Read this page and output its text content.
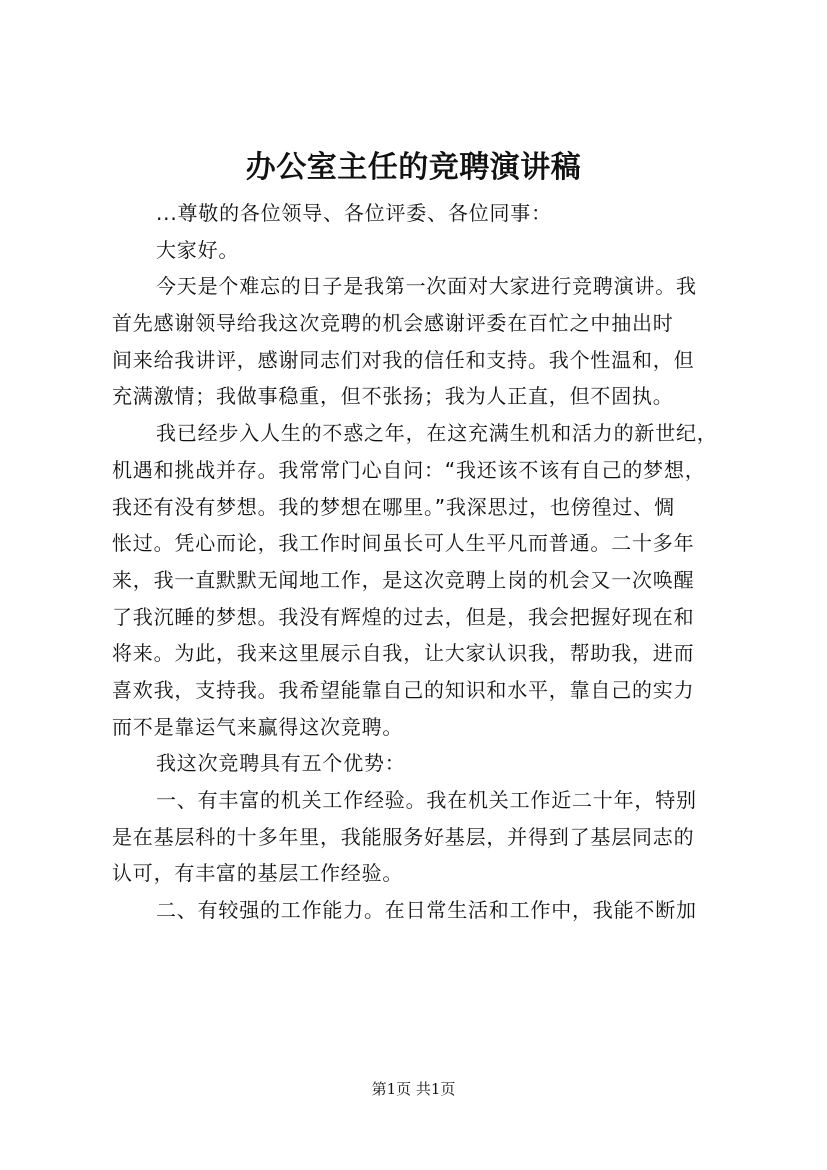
办公室主任的竞聘演讲稿
...尊敬的各位领导、各位评委、各位同事：
大家好。
今天是个难忘的日子是我第一次面对大家进行竞聘演讲。我
首先感谢领导给我这次竞聘的机会感谢评委在百忙之中抽出时
间来给我讲评，感谢同志们对我的信任和支持。我个性温和，但
充满激情；我做事稳重，但不张扬；我为人正直，但不固执。
我已经步入人生的不惑之年，在这充满生机和活力的新世纪，
机遇和挑战并存。我常常门心自问：“我还该不该有自己的梦想，
我还有没有梦想。我的梦想在哪里。”我深思过，也傍徨过、惆
怅过。凭心而论，我工作时间虽长可人生平凡而普通。二十多年
来，我一直默默无闻地工作，是这次竞聘上岗的机会又一次唤醒
了我沉睡的梦想。我没有辉煌的过去，但是，我会把握好现在和
将来。为此，我来这里展示自我，让大家认识我，帮助我，进而
喜欢我，支持我。我希望能靠自己的知识和水平，靠自己的实力
而不是靠运气来赢得这次竞聘。
我这次竞聘具有五个优势：
一、有丰富的机关工作经验。我在机关工作近二十年，特别
是在基层科的十多年里，我能服务好基层，并得到了基层同志的
认可，有丰富的基层工作经验。
二、有较强的工作能力。在日常生活和工作中，我能不断加
第1页 共1页
